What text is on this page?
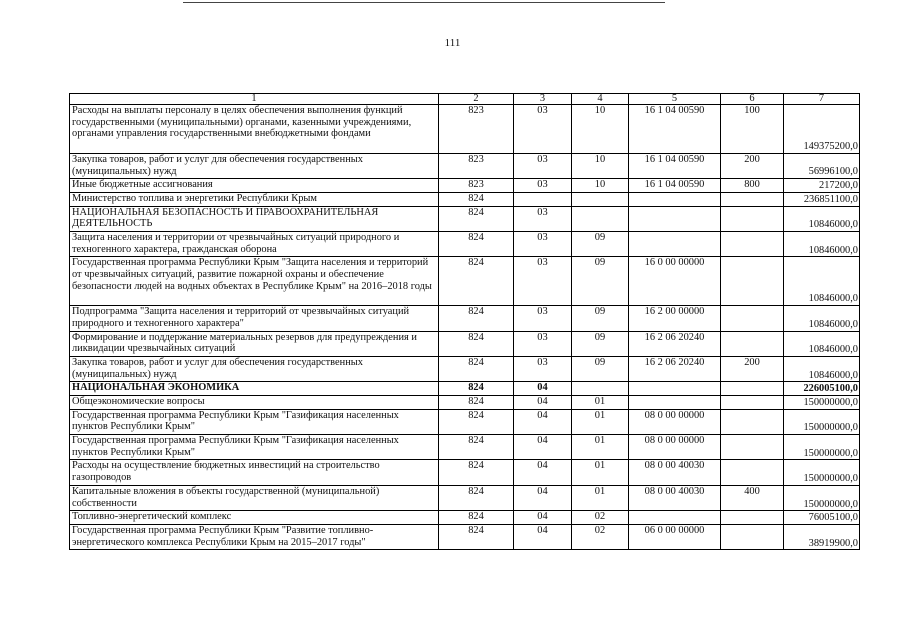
111
1	2	3	4	5	6	7
Расходы на выплаты персоналу в целях обеспечения выполнения функций государственными (муниципальными) органами, казенными учреждениями, органами управления государственными внебюджетными фондами	823	03	10	16 1 04 00590	100	149375200,0
Закупка товаров, работ и услуг для обеспечения государственных (муниципальных) нужд	823	03	10	16 1 04 00590	200	56996100,0
Иные бюджетные ассигнования	823	03	10	16 1 04 00590	800	217200,0
Министерство топлива и энергетики Республики Крым	824					236851100,0
НАЦИОНАЛЬНАЯ БЕЗОПАСНОСТЬ И ПРАВООХРАНИТЕЛЬНАЯ ДЕЯТЕЛЬНОСТЬ	824	03				10846000,0
Защита населения и территории от чрезвычайных ситуаций природного и техногенного характера, гражданская оборона	824	03	09			10846000,0
Государственная программа Республики Крым "Защита населения и территорий от чрезвычайных ситуаций, развитие пожарной охраны и обеспечение безопасности людей на водных объектах в Республике Крым" на 2016–2018 годы	824	03	09	16 0 00 00000		10846000,0
Подпрограмма "Защита населения и территорий от чрезвычайных ситуаций природного и техногенного характера"	824	03	09	16 2 00 00000		10846000,0
Формирование и поддержание материальных резервов для предупреждения и ликвидации чрезвычайных ситуаций	824	03	09	16 2 06 20240		10846000,0
Закупка товаров, работ и услуг для обеспечения государственных (муниципальных) нужд	824	03	09	16 2 06 20240	200	10846000,0
НАЦИОНАЛЬНАЯ ЭКОНОМИКА	824	04				226005100,0
Общеэкономические вопросы	824	04	01			150000000,0
Государственная программа Республики Крым "Газификация населенных пунктов Республики Крым"	824	04	01	08 0 00 00000		150000000,0
Государственная программа Республики Крым "Газификация населенных пунктов Республики Крым"	824	04	01	08 0 00 00000		150000000,0
Расходы на осуществление бюджетных инвестиций на строительство газопроводов	824	04	01	08 0 00 40030		150000000,0
Капитальные вложения в объекты государственной (муниципальной) собственности	824	04	01	08 0 00 40030	400	150000000,0
Топливно-энергетический комплекс	824	04	02			76005100,0
Государственная программа Республики Крым "Развитие топливно-энергетического комплекса Республики Крым на 2015–2017 годы"	824	04	02	06 0 00 00000		38919900,0
